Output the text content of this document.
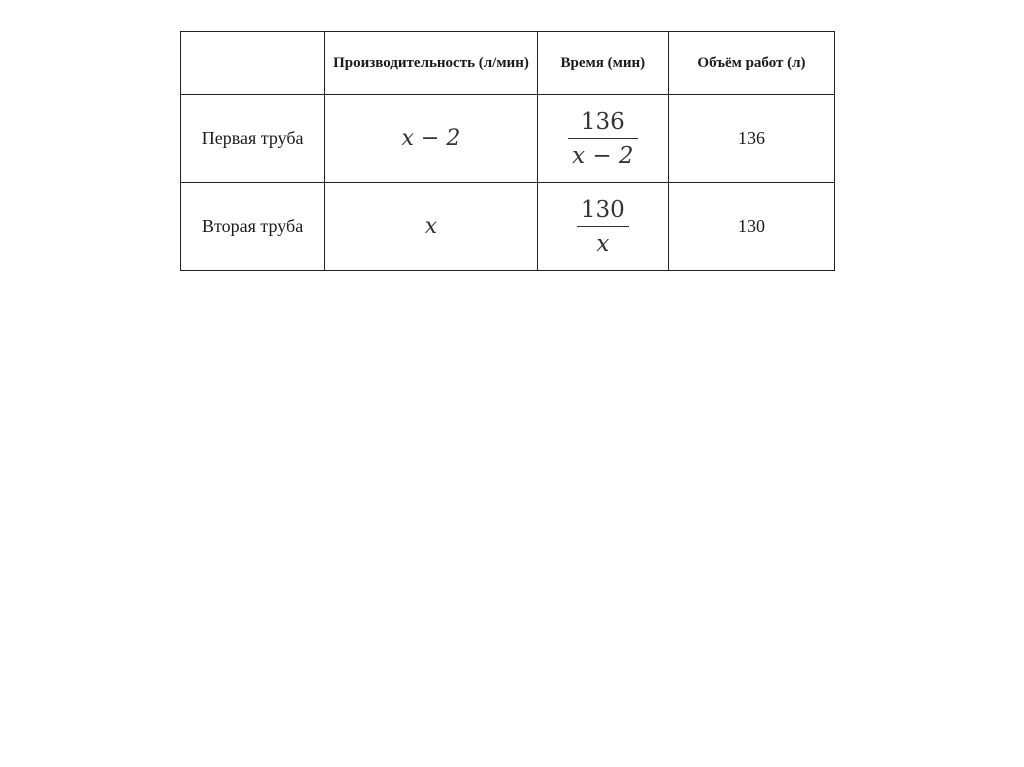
	Производительность (л/мин)	Время (мин)	Объём работ (л)
Первая труба	x − 2	$\frac{136}{x - 2}$	136
Вторая труба	x	$\frac{130}{x}$	130
